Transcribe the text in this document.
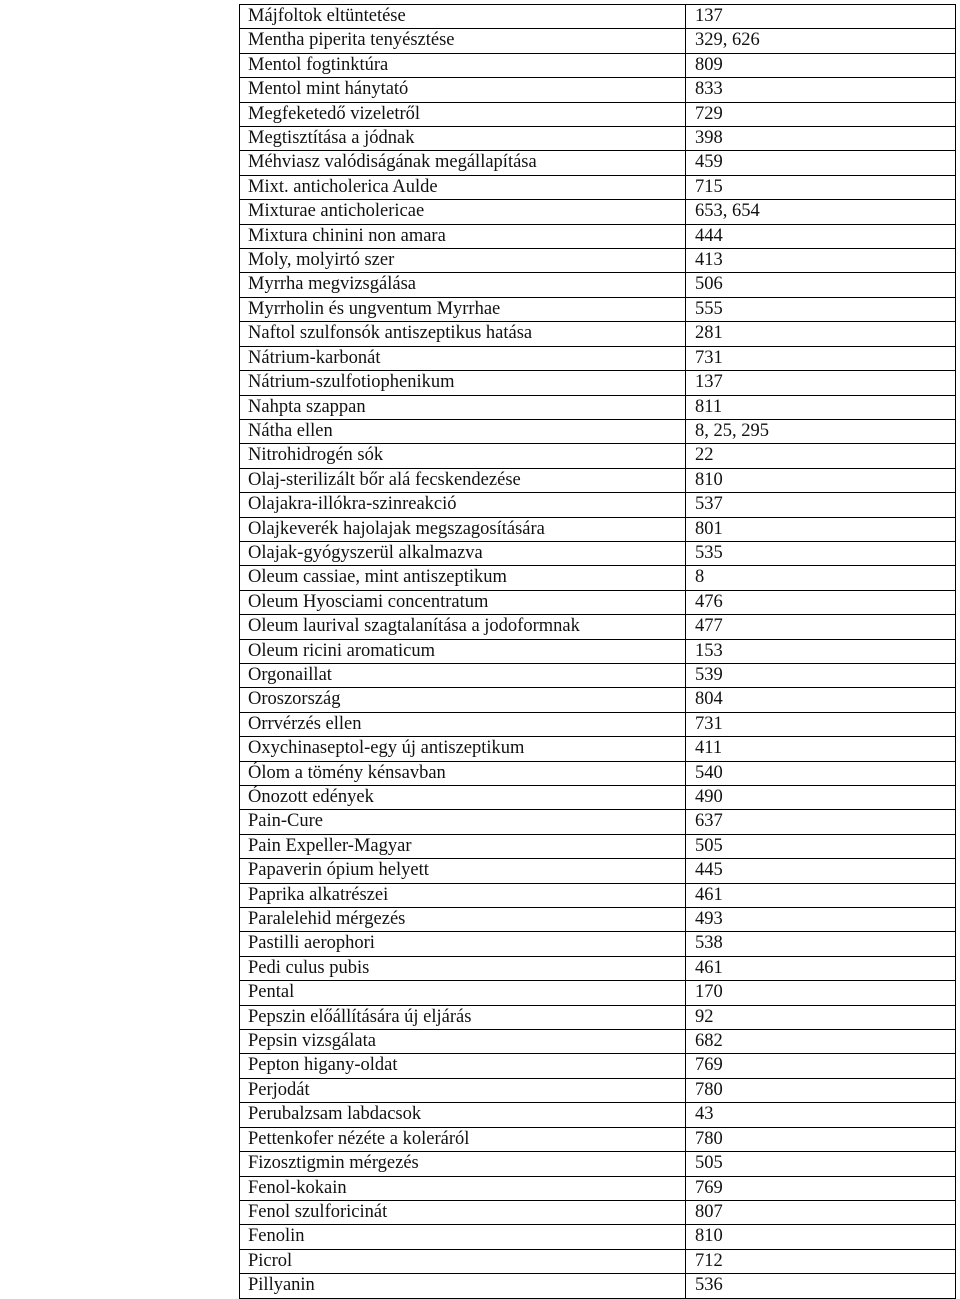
Májfoltok eltüntetése	137
Mentha piperita tenyésztése	329, 626
Mentol fogtinktúra	809
Mentol mint hánytató	833
Megfeketedő vizeletről	729
Megtisztítása a jódnak	398
Méhviasz valódiságának megállapítása	459
Mixt. anticholerica Aulde	715
Mixturae anticholericae	653, 654
Mixtura chinini non amara	444
Moly, molyirtó szer	413
Myrrha megvizsgálása	506
Myrrholin és ungventum Myrrhae	555
Naftol szulfonsók antiszeptikus hatása	281
Nátrium-karbonát	731
Nátrium-szulfotiophenikum	137
Nahpta szappan	811
Nátha ellen	8, 25, 295
Nitrohidrogén sók	22
Olaj-sterilizált bőr alá fecskendezése	810
Olajakra-illókra-szinreakció	537
Olajkeverék hajolajak megszagosítására	801
Olajak-gyógyszerül alkalmazva	535
Oleum cassiae, mint antiszeptikum	8
Oleum Hyosciami concentratum	476
Oleum laurival szagtalanítása a jodoformnak	477
Oleum ricini aromaticum	153
Orgonaillat	539
Oroszország	804
Orrvérzés ellen	731
Oxychinaseptol-egy új antiszeptikum	411
Ólom a tömény kénsavban	540
Ónozott edények	490
Pain-Cure	637
Pain Expeller-Magyar	505
Papaverin ópium helyett	445
Paprika alkatrészei	461
Paralelehid mérgezés	493
Pastilli aerophori	538
Pedi culus pubis	461
Pental	170
Pepszin előállítására új eljárás	92
Pepsin vizsgálata	682
Pepton higany-oldat	769
Perjodát	780
Perubalzsam labdacsok	43
Pettenkofer nézéte a koleráról	780
Fizosztigmin mérgezés	505
Fenol-kokain	769
Fenol szulforicinát	807
Fenolin	810
Picrol	712
Pillyanin	536
